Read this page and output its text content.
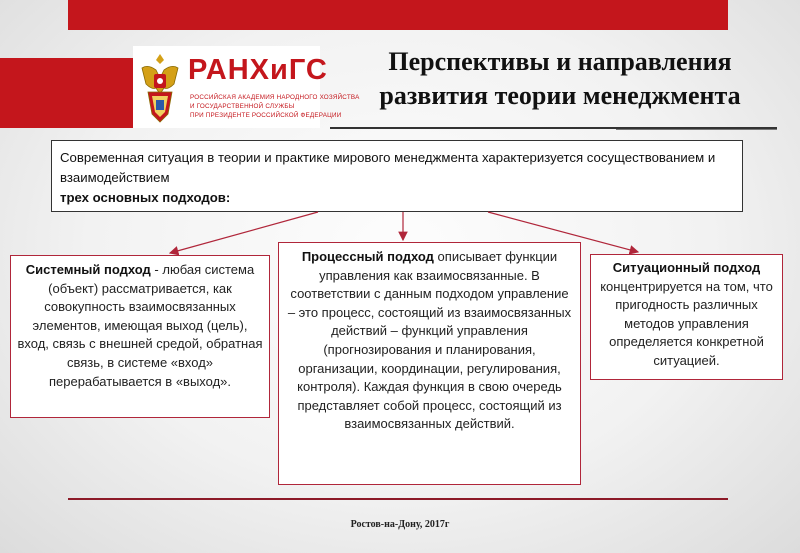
РАНХиГС
РОССИЙСКАЯ АКАДЕМИЯ НАРОДНОГО ХОЗЯЙСТВА
И ГОСУДАРСТВЕННОЙ СЛУЖБЫ
ПРИ ПРЕЗИДЕНТЕ РОССИЙСКОЙ ФЕДЕРАЦИИ
Перспективы и направления
развития теории менеджмента

Современная ситуация в теории и практике мирового менеджмента характеризуется сосуществованием и взаимодействием
трех основных подходов:

Системный подход - любая система (объект) рассматривается, как совокупность взаимосвязанных элементов, имеющая выход (цель), вход, связь с внешней средой, обратная связь, в системе «вход» перерабатывается в «выход».
Процессный подход описывает функции управления как взаимосвязанные. В соответствии с данным подходом управление – это процесс, состоящий из взаимосвязанных действий – функций управления (прогнозирования и планирования, организации, координации, регулирования, контроля). Каждая функция в свою очередь представляет собой процесс, состоящий из взаимосвязанных действий.
Ситуационный подход концентрируется на том, что пригодность различных методов управления определяется конкретной ситуацией.
Ростов-на-Дону, 2017г
